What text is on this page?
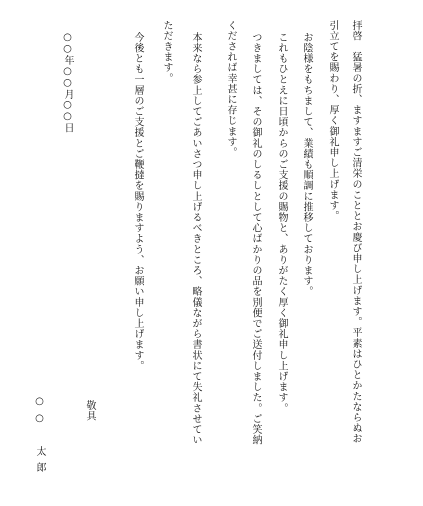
拝啓　猛暑の折、ますますご清栄のこととお慶び申し上げます。平素はひとかたならぬお
引立てを賜わり、厚く御礼申し上げます。
お陰様をもちまして、業績も順調に推移しております。
これもひとえに日頃からのご支援の賜物と、ありがたく厚く御礼申し上げます。
つきましては、その御礼のしるしとして心ばかりの品を別便でご送付しました。ご笑納
くだされば幸甚に存じます。
本来なら参上してごあいさつ申し上げるべきところ、略儀ながら書状にて失礼させてい
ただきます。
今後とも一層のご支援とご鞭撻を賜りますよう、お願い申し上げます。
敬具
○○年○○月○○日
○○　太郎
